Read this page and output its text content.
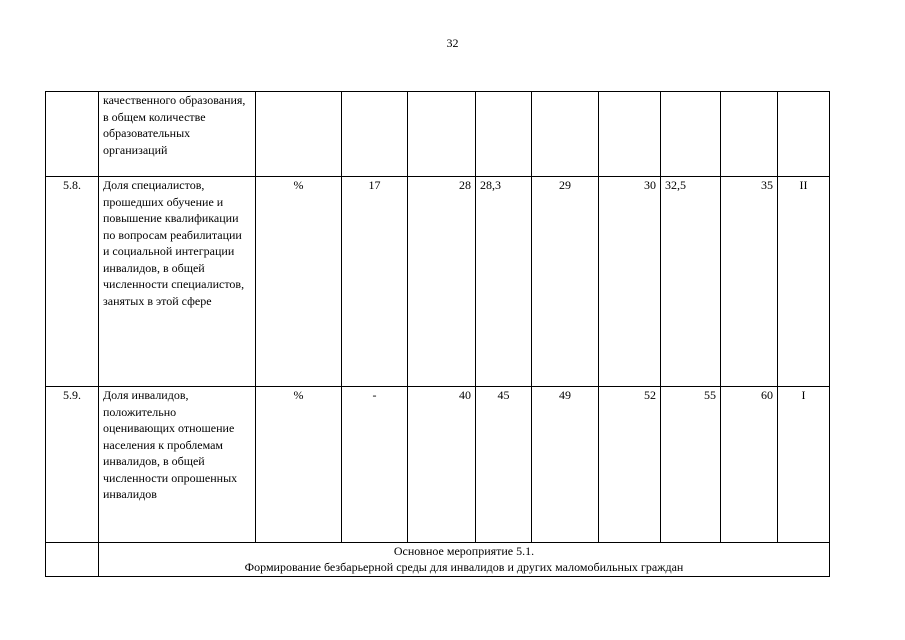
32
	качественного образования, в общем количестве образовательных организаций									
5.8.	Доля специалистов, прошедших обучение и повышение квалификации по вопросам реабилитации и социальной интеграции инвалидов, в общей численности специалистов, занятых в этой сфере	%	17	28	28,3	29	30	32,5	35	II
5.9.	Доля инвалидов, положительно оценивающих отношение населения к проблемам инвалидов, в общей численности опрошенных инвалидов	%	-	40	45	49	52	55	60	I

	Основное мероприятие 5.1.
Формирование безбарьерной среды для инвалидов и других маломобильных граждан									
